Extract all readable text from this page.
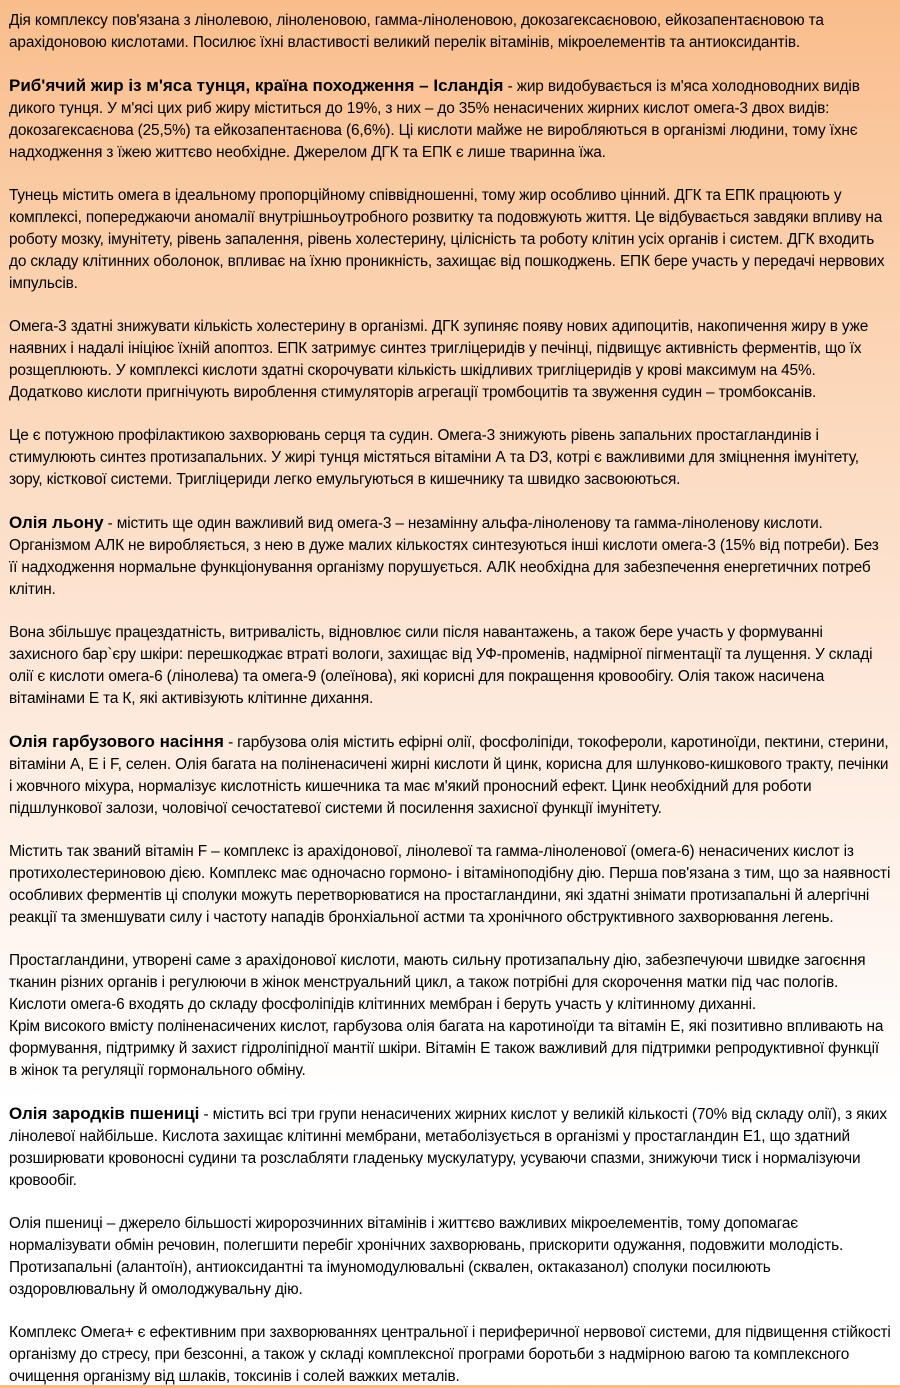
Дія комплексу пов'язана з лінолевою, ліноленовою, гамма-ліноленовою, докозагексаєновою, ейкозапентаєновою та арахідоновою кислотами. Посилює їхні властивості великий перелік вітамінів, мікроелементів та антиоксидантів.

Риб'ячий жир із м'яса тунця, країна походження – Ісландія - жир видобувається із м'яса холодноводних видів дикого тунця. У м'ясі цих риб жиру міститься до 19%, з них – до 35% ненасичених жирних кислот омега-3 двох видів: докозагексаєнова (25,5%) та ейкозапентаєнова (6,6%). Ці кислоти майже не виробляються в організмі людини, тому їхнє надходження з їжею життєво необхідне. Джерелом ДГК та ЕПК є лише тваринна їжа.

Тунець містить омега в ідеальному пропорційному співвідношенні, тому жир особливо цінний. ДГК та ЕПК працюють у комплексі, попереджаючи аномалії внутрішньоутробного розвитку та подовжують життя. Це відбувається завдяки впливу на роботу мозку, імунітету, рівень запалення, рівень холестерину, цілісність та роботу клітин усіх органів і систем. ДГК входить до складу клітинних оболонок, впливає на їхню проникність, захищає від пошкоджень. ЕПК бере участь у передачі нервових імпульсів.

Омега-3 здатні знижувати кількість холестерину в організмі. ДГК зупиняє появу нових адипоцитів, накопичення жиру в уже наявних і надалі ініціює їхній апоптоз. ЕПК затримує синтез тригліцеридів у печінці, підвищує активність ферментів, що їх розщеплюють. У комплексі кислоти здатні скорочувати кількість шкідливих тригліцеридів у крові максимум на 45%. Додатково кислоти пригнічують вироблення стимуляторів агрегації тромбоцитів та звуження судин – тромбоксанів.

Це є потужною профілактикою захворювань серця та судин. Омега-3 знижують рівень запальних простагландинів і стимулюють синтез протизапальних. У жирі тунця містяться вітаміни А та D3, котрі є важливими для зміцнення імунітету, зору, кісткової системи. Тригліцериди легко емульгуються в кишечнику та швидко засвоюються.

Олія льону - містить ще один важливий вид омега-3 – незамінну альфа-ліноленову та гамма-ліноленову кислоти. Організмом АЛК не виробляється, з нею в дуже малих кількостях синтезуються інші кислоти омега-3 (15% від потреби). Без її надходження нормальне функціонування організму порушується. АЛК необхідна для забезпечення енергетичних потреб клітин.

Вона збільшує працездатність, витривалість, відновлює сили після навантажень, а також бере участь у формуванні захисного бар`єру шкіри: перешкоджає втраті вологи, захищає від УФ-променів, надмірної пігментації та лущення. У складі олії є кислоти омега-6 (лінолева) та омега-9 (олеїнова), які корисні для покращення кровообігу. Олія також насичена вітамінами Е та К, які активізують клітинне дихання.

Олія гарбузового насіння - гарбузова олія містить ефірні олії, фосфоліпіди, токофероли, каротиноїди, пектини, стерини, вітаміни А, Е і F, селен. Олія багата на поліненасичені жирні кислоти й цинк, корисна для шлунково-кишкового тракту, печінки і жовчного міхура, нормалізує кислотність кишечника та має м'який проносний ефект. Цинк необхідний для роботи підшлункової залози, чоловічої сечостатевої системи й посилення захисної функції імунітету.

Містить так званий вітамін F – комплекс із арахідонової, лінолевої та гамма-ліноленової (омега-6) ненасичених кислот із протихолестериновою дією. Комплекс має одночасно гормоно- і вітаміноподібну дію. Перша пов'язана з тим, що за наявності особливих ферментів ці сполуки можуть перетворюватися на простагландини, які здатні знімати протизапальні й алергічні реакції та зменшувати силу і частоту нападів бронхіальної астми та хронічного обструктивного захворювання легень.

Простагландини, утворені саме з арахідонової кислоти, мають сильну протизапальну дію, забезпечуючи швидке загоєння тканин різних органів і регулюючи в жінок менструальний цикл, а також потрібні для скорочення матки під час пологів. Кислоти омега-6 входять до складу фосфоліпідів клітинних мембран і беруть участь у клітинному диханні.
Крім високого вмісту поліненасичених кислот, гарбузова олія багата на каротиноїди та вітамін Е, які позитивно впливають на формування, підтримку й захист гідроліпідної мантії шкіри. Вітамін Е також важливий для підтримки репродуктивної функції в жінок та регуляції гормонального обміну.

Олія зародків пшениці - містить всі три групи ненасичених жирних кислот у великій кількості (70% від складу олії), з яких лінолевої найбільше. Кислота захищає клітинні мембрани, метаболізується в організмі у простагландин Е1, що здатний розширювати кровоносні судини та розслабляти гладеньку мускулатуру, усуваючи спазми, знижуючи тиск і нормалізуючи кровообіг.

Олія пшениці – джерело більшості жиророзчинних вітамінів і життєво важливих мікроелементів, тому допомагає нормалізувати обмін речовин, полегшити перебіг хронічних захворювань, прискорити одужання, подовжити молодість. Протизапальні (алантоїн), антиоксидантні та імуномодулювальні (сквален, октаказанол) сполуки посилюють оздоровлювальну й омолоджувальну дію.

Комплекс Омега+ є ефективним при захворюваннях центральної і периферичної нервової системи, для підвищення стійкості організму до стресу, при безсонні, а також у складі комплексної програми боротьби з надмірною вагою та комплексного очищення організму від шлаків, токсинів і солей важких металів.
